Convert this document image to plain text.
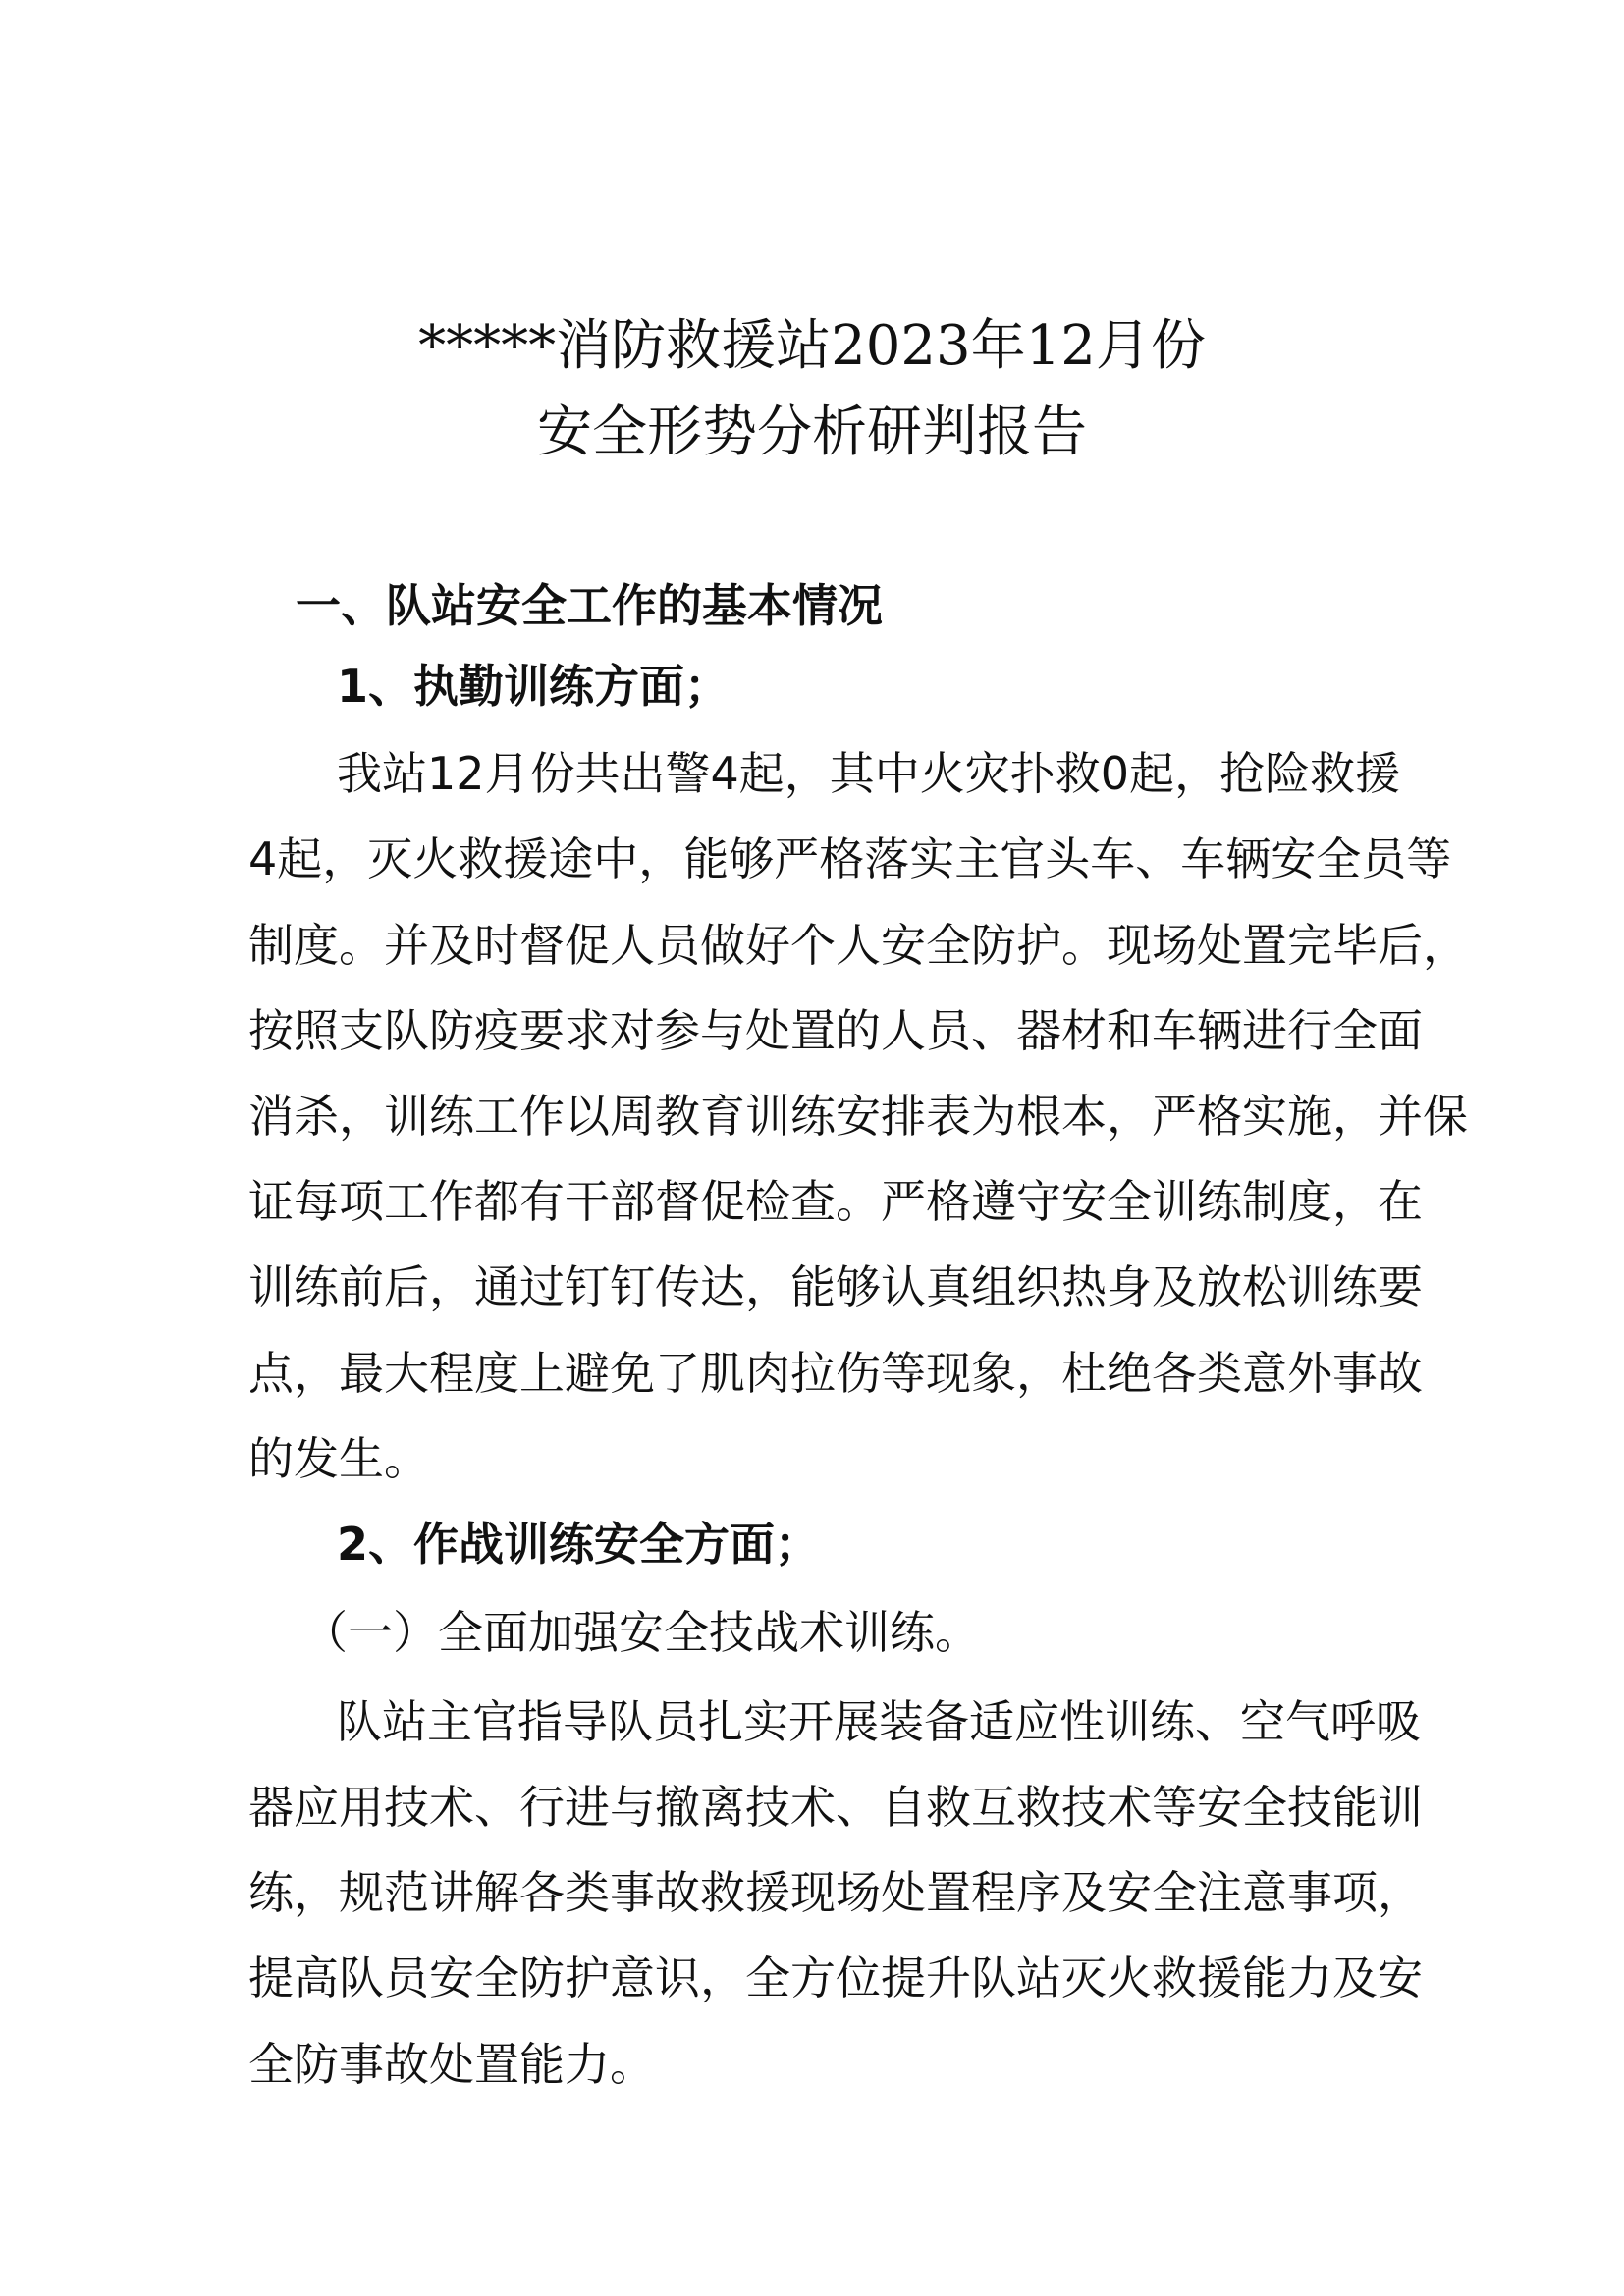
*****消防救援站2023年12月份
安全形势分析研判报告
一、队站安全工作的基本情况
1、执勤训练方面；
我站12月份共出警4起，其中火灾扑救0起，抢险救援
4起，灭火救援途中，能够严格落实主官头车、车辆安全员等
制度。并及时督促人员做好个人安全防护。现场处置完毕后，
按照支队防疫要求对参与处置的人员、器材和车辆进行全面
消杀，训练工作以周教育训练安排表为根本，严格实施，并保
证每项工作都有干部督促检查。严格遵守安全训练制度，在
训练前后，通过钉钉传达，能够认真组织热身及放松训练要
点，最大程度上避免了肌肉拉伤等现象，杜绝各类意外事故
的发生。
2、作战训练安全方面；
（一）全面加强安全技战术训练。
队站主官指导队员扎实开展装备适应性训练、空气呼吸
器应用技术、行进与撤离技术、自救互救技术等安全技能训
练，规范讲解各类事故救援现场处置程序及安全注意事项，
提高队员安全防护意识，全方位提升队站灭火救援能力及安
全防事故处置能力。
